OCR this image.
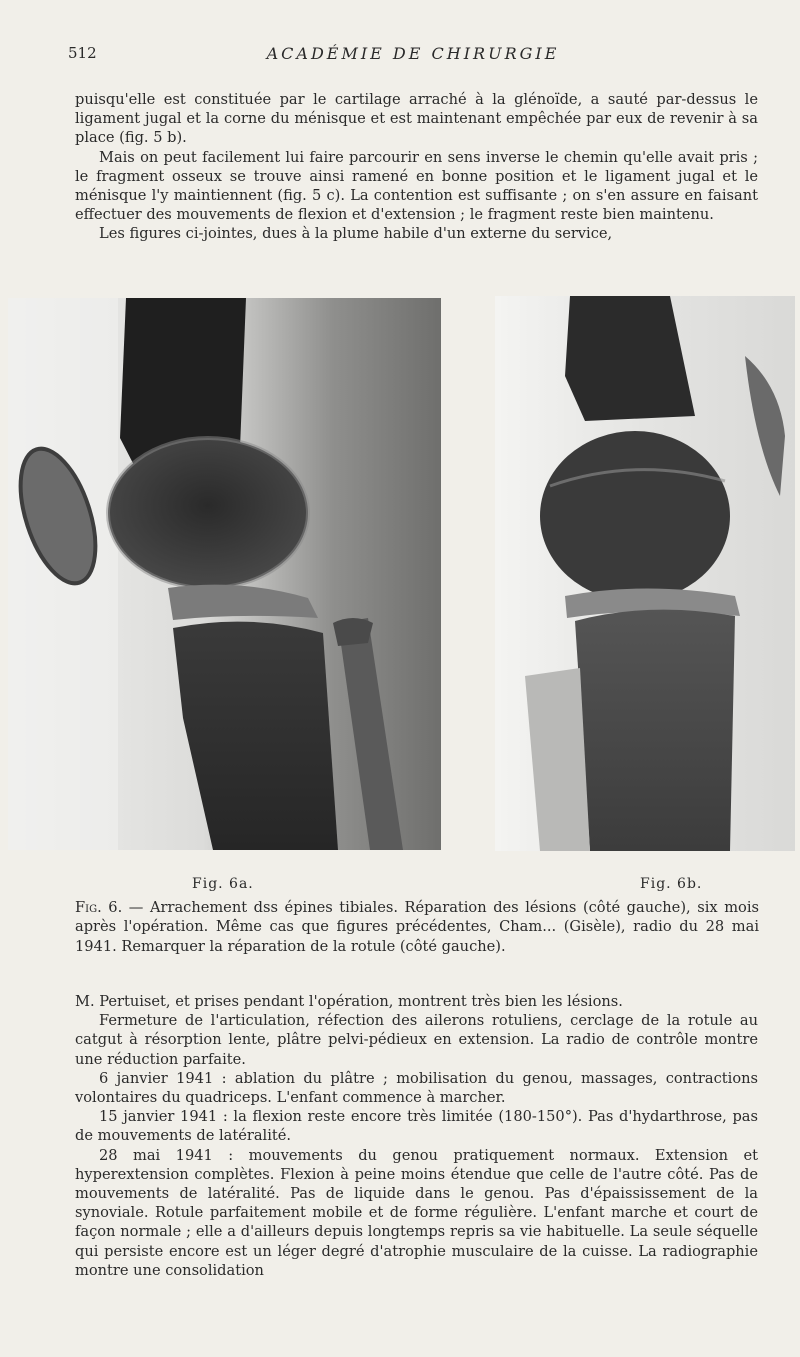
512	ACADÉMIE DE CHIRURGIE

puisqu'elle est constituée par le cartilage arraché à la glénoïde, a sauté par-dessus le ligament jugal et la corne du ménisque et est maintenant empêchée par eux de revenir à sa place (fig. 5 b).

Mais on peut facilement lui faire parcourir en sens inverse le chemin qu'elle avait pris ; le fragment osseux se trouve ainsi ramené en bonne position et le ligament jugal et le ménisque l'y maintiennent (fig. 5 c). La contention est suffisante ; on s'en assure en faisant effectuer des mouvements de flexion et d'extension ; le fragment reste bien maintenu.

Les figures ci-jointes, dues à la plume habile d'un externe du service,

Fig. 6a.	Fig. 6b.
Fig. 6. — Arrachement dss épines tibiales. Réparation des lésions (côté gauche), six mois après l'opération. Même cas que figures précédentes, Cham... (Gisèle), radio du 28 mai 1941. Remarquer la réparation de la rotule (côté gauche).

M. Pertuiset, et prises pendant l'opération, montrent très bien les lésions.

Fermeture de l'articulation, réfection des ailerons rotuliens, cerclage de la rotule au catgut à résorption lente, plâtre pelvi-pédieux en extension. La radio de contrôle montre une réduction parfaite.

6 janvier 1941 : ablation du plâtre ; mobilisation du genou, massages, contractions volontaires du quadriceps. L'enfant commence à marcher.

15 janvier 1941 : la flexion reste encore très limitée (180-150°). Pas d'hydarthrose, pas de mouvements de latéralité.

28 mai 1941 : mouvements du genou pratiquement normaux. Extension et hyperextension complètes. Flexion à peine moins étendue que celle de l'autre côté. Pas de mouvements de latéralité. Pas de liquide dans le genou. Pas d'épaississement de la synoviale. Rotule parfaitement mobile et de forme régulière. L'enfant marche et court de façon normale ; elle a d'ailleurs depuis longtemps repris sa vie habituelle. La seule séquelle qui persiste encore est un léger degré d'atrophie musculaire de la cuisse. La radiographie montre une consolidation
